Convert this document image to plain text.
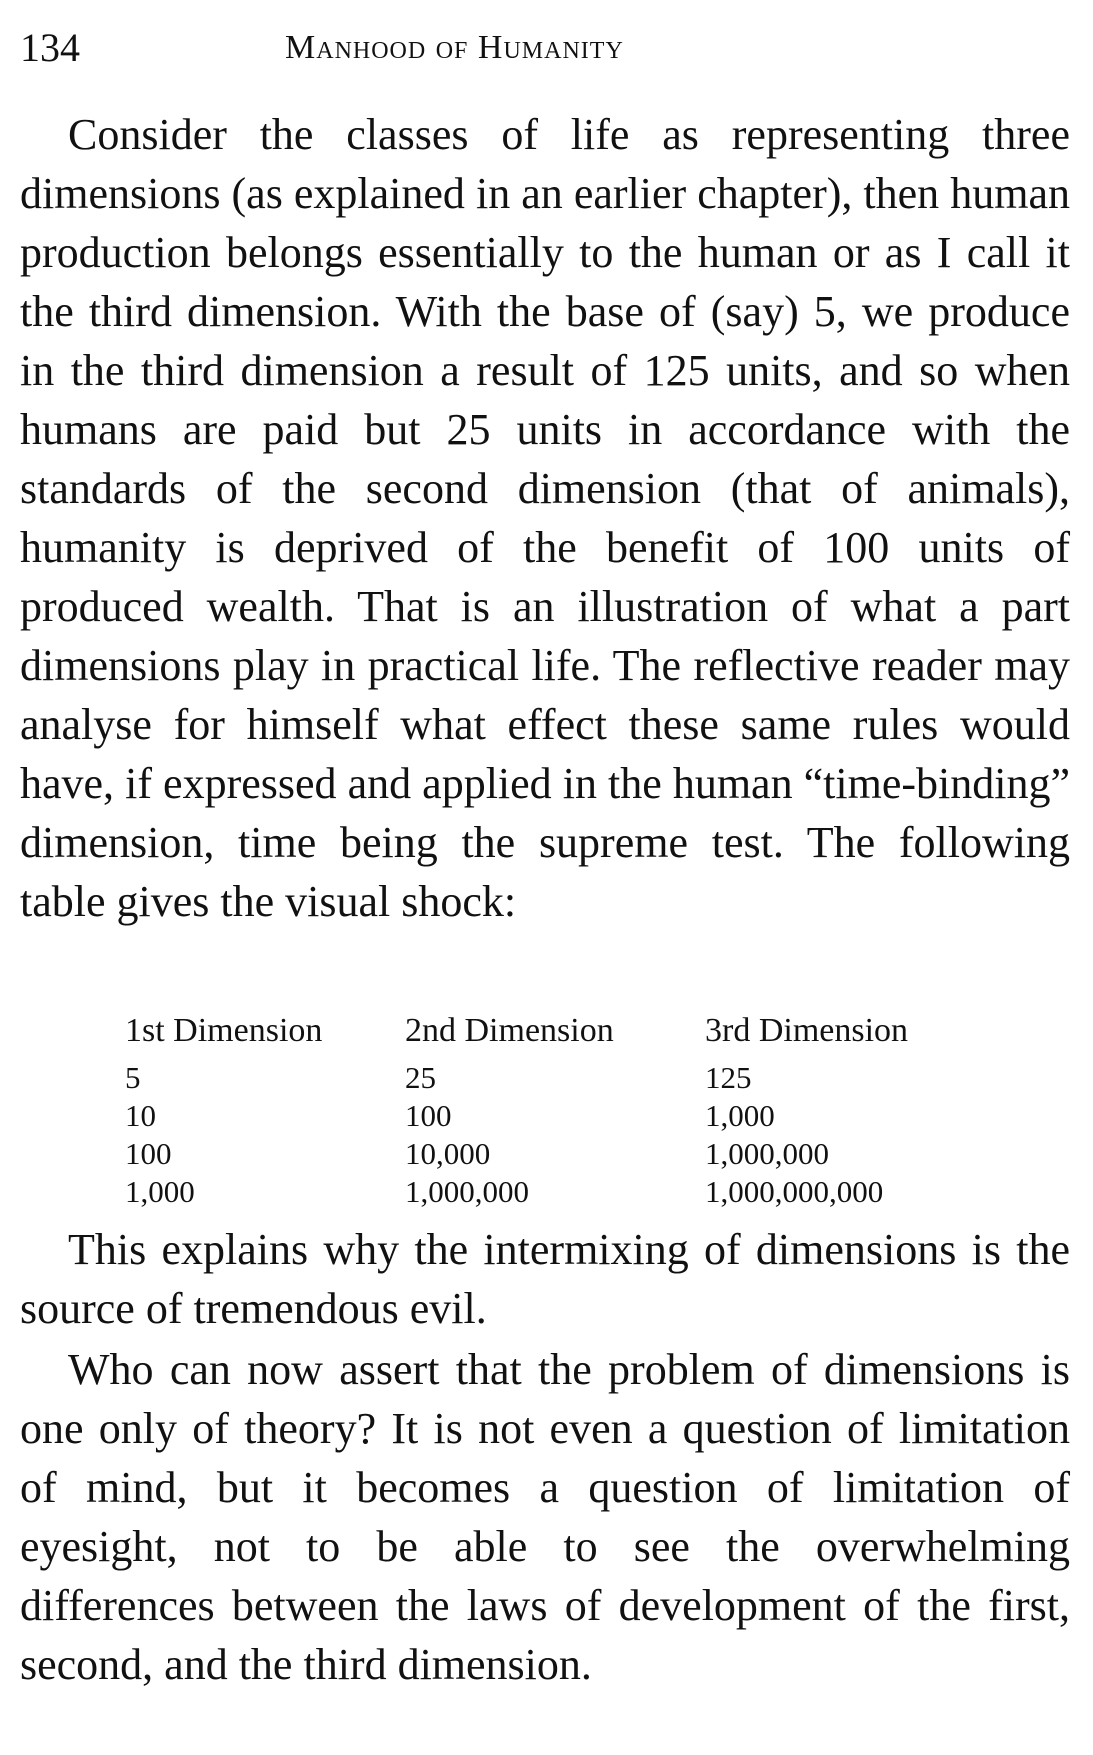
134	Manhood of Humanity

Consider the classes of life as representing three dimensions (as explained in an earlier chapter), then human production belongs essentially to the human or as I call it the third dimension. With the base of (say) 5, we produce in the third dimension a result of 125 units, and so when humans are paid but 25 units in accordance with the standards of the second dimension (that of animals), humanity is deprived of the benefit of 100 units of produced wealth. That is an illustration of what a part dimensions play in practical life. The reflective reader may analyse for himself what effect these same rules would have, if expressed and applied in the human “time-binding” dimension, time being the supreme test. The following table gives the visual shock:

1st Dimension	2nd Dimension	3rd Dimension
5	25	125
10	100	1,000
100	10,000	1,000,000
1,000	1,000,000	1,000,000,000

This explains why the intermixing of dimensions is the source of tremendous evil.

Who can now assert that the problem of dimensions is one only of theory? It is not even a question of limitation of mind, but it becomes a question of limitation of eyesight, not to be able to see the overwhelming differences between the laws of development of the first, second, and the third dimension.
